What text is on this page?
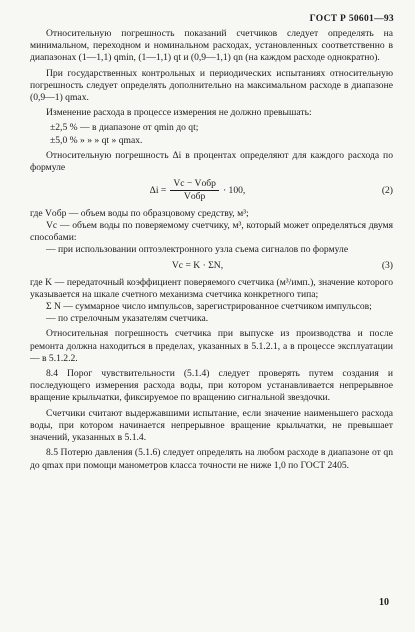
ГОСТ Р 50601—93

Относительную погрешность показаний счетчиков следует определять на минимальном, переходном и номинальном расходах, установленных соответственно в диапазонах (1—1,1) qmin, (1—1,1) qt и (0,9—1,1) qn (на каждом расходе однократно).

При государственных контрольных и периодических испытаниях относительную погрешность следует определять дополнительно на максимальном расходе в диапазоне (0,9—1) qmax.

Изменение расхода в процессе измерения не должно превышать:

±2,5 % — в диапазоне от qmin до qt;

±5,0 % » » » qt » qmax.

Относительную погрешность Δi в процентах определяют для каждого расхода по формуле

$\Delta i = \frac{\text{Vc − Vобр}}{\text{Vобр}} \cdot 100$,	(2)

где Vобр — объем воды по образцовому средству, м³;

Vc — объем воды по поверяемому счетчику, м³, который может определяться двумя способами:

— при использовании оптоэлектронного узла съема сигналов по формуле

Vc = K · ΣN,	(3)

где K — передаточный коэффициент поверяемого счетчика (м³/имп.), значение которого указывается на шкале счетного механизма счетчика конкретного типа;

Σ N — суммарное число импульсов, зарегистрированное счетчиком импульсов;

— по стрелочным указателям счетчика.

Относительная погрешность счетчика при выпуске из производства и после ремонта должна находиться в пределах, указанных в 5.1.2.1, а в процессе эксплуатации — в 5.1.2.2.

8.4 Порог чувствительности (5.1.4) следует проверять путем создания и последующего измерения расхода воды, при котором устанавливается непрерывное вращение крыльчатки, фиксируемое по вращению сигнальной звездочки.

Счетчики считают выдержавшими испытание, если значение наименьшего расхода воды, при котором начинается непрерывное вращение крыльчатки, не превышает значений, указанных в 5.1.4.

8.5 Потерю давления (5.1.6) следует определять на любом расходе в диапазоне от qn до qmax при помощи манометров класса точности не ниже 1,0 по ГОСТ 2405.

10
